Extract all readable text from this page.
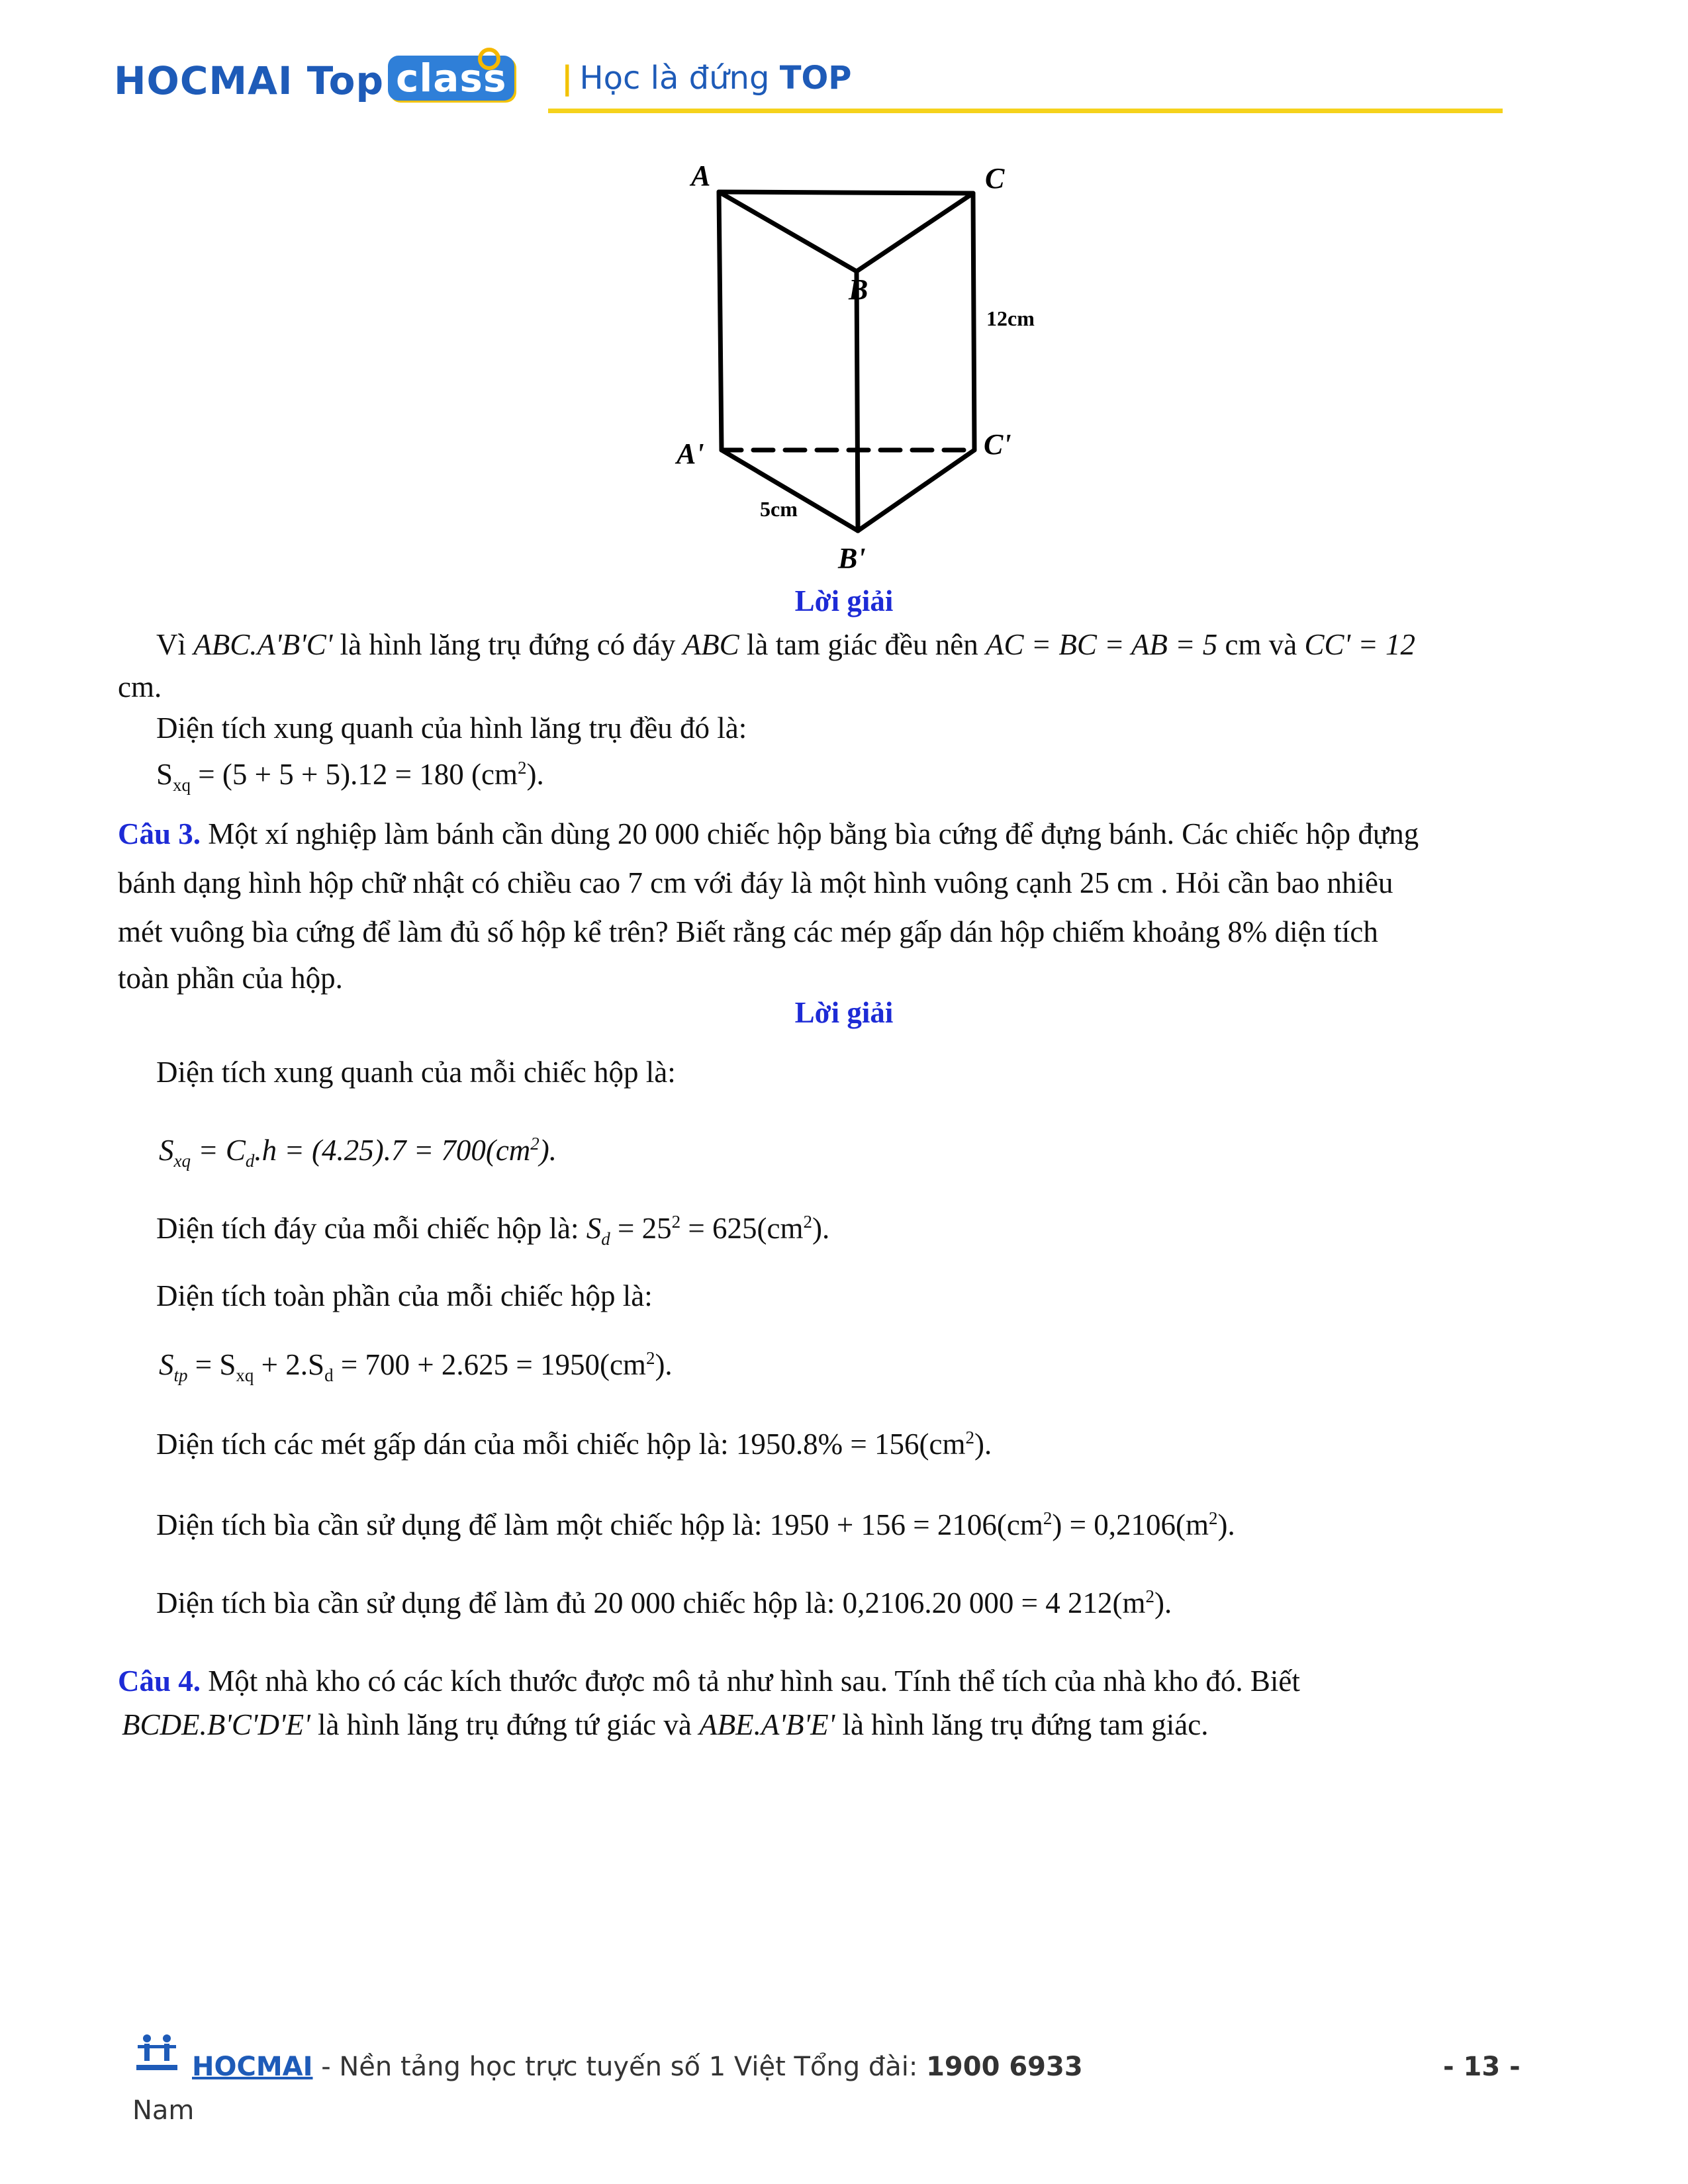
HOCMAI Top class | Học là đứng TOP
A	C
B
A'	C'
B'
12cm
5cm
Lời giải
Vì ABC.A'B'C' là hình lăng trụ đứng có đáy ABC là tam giác đều nên AC = BC = AB = 5 cm và CC' = 12
cm.
Diện tích xung quanh của hình lăng trụ đều đó là:
$S_{xq} = (5 + 5 + 5).12 = 180$ $(cm^2)$.
Câu 3. Một xí nghiệp làm bánh cần dùng 20 000 chiếc hộp bằng bìa cứng để đựng bánh. Các chiếc hộp đựng
bánh dạng hình hộp chữ nhật có chiều cao 7 cm với đáy là một hình vuông cạnh 25 cm . Hỏi cần bao nhiêu
mét vuông bìa cứng để làm đủ số hộp kể trên? Biết rằng các mép gấp dán hộp chiếm khoảng 8% diện tích
toàn phần của hộp.
Lời giải
Diện tích xung quanh của mỗi chiếc hộp là:
$S_{xq} = C_d.h = (4.25).7 = 700(cm^2)$.
Diện tích đáy của mỗi chiếc hộp là: $S_d = 25^2 = 625(cm^2)$.
Diện tích toàn phần của mỗi chiếc hộp là:
$S_{tp} = S_{xq} + 2.S_d = 700 + 2.625 = 1950(cm^2)$.
Diện tích các mét gấp dán của mỗi chiếc hộp là: $1950.8\% = 156(cm^2)$.
Diện tích bìa cần sử dụng để làm một chiếc hộp là: $1950 + 156 = 2106(cm^2) = 0,2106(m^2)$.
Diện tích bìa cần sử dụng để làm đủ 20 000 chiếc hộp là: 0,2106.20 000 = 4 $212(m^2)$.
Câu 4. Một nhà kho có các kích thước được mô tả như hình sau. Tính thể tích của nhà kho đó. Biết
BCDE.B'C'D'E' là hình lăng trụ đứng tứ giác và ABE.A'B'E' là hình lăng trụ đứng tam giác.
HOCMAI - Nền tảng học trực tuyến số 1 Việt Tổng đài: 1900 6933
Nam
- 13 -
